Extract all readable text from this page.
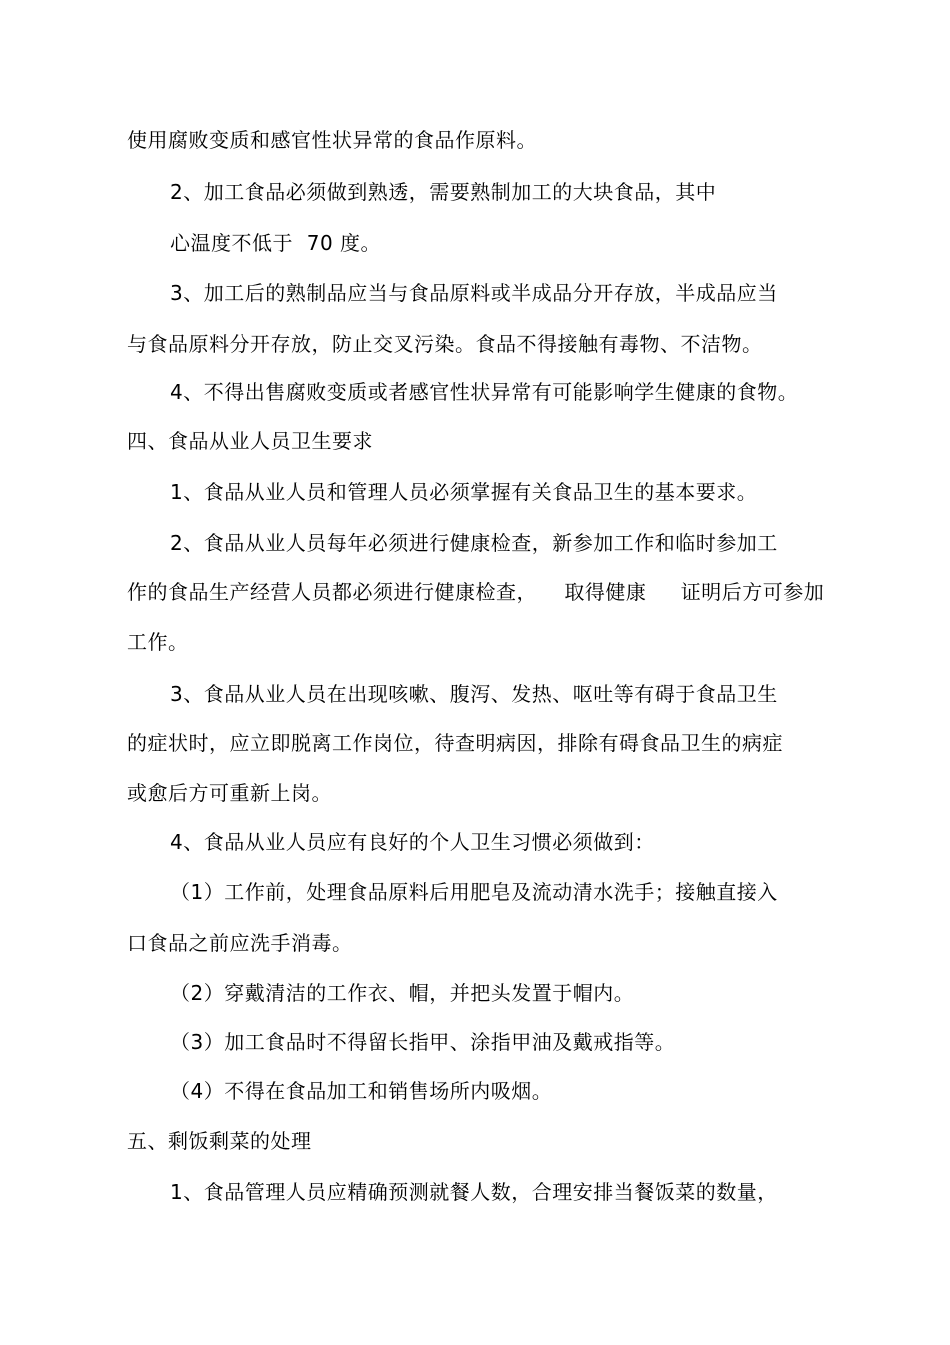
使用腐败变质和感官性状异常的食品作原料。
2、加工食品必须做到熟透，需要熟制加工的大块食品，其中
心温度不低于  70 度。
3、加工后的熟制品应当与食品原料或半成品分开存放，半成品应当
与食品原料分开存放，防止交叉污染。食品不得接触有毒物、不洁物。
4、不得出售腐败变质或者感官性状异常有可能影响学生健康的食物。
四、食品从业人员卫生要求
1、食品从业人员和管理人员必须掌握有关食品卫生的基本要求。
2、食品从业人员每年必须进行健康检查，新参加工作和临时参加工
作的食品生产经营人员都必须进行健康检查，    取得健康     证明后方可参加
工作。
3、食品从业人员在出现咳嗽、腹泻、发热、呕吐等有碍于食品卫生
的症状时，应立即脱离工作岗位，待查明病因，排除有碍食品卫生的病症
或愈后方可重新上岗。
4、食品从业人员应有良好的个人卫生习惯必须做到：
（1）工作前，处理食品原料后用肥皂及流动清水洗手；接触直接入
口食品之前应洗手消毒。
（2）穿戴清洁的工作衣、帽，并把头发置于帽内。
（3）加工食品时不得留长指甲、涂指甲油及戴戒指等。
（4）不得在食品加工和销售场所内吸烟。
五、剩饭剩菜的处理
1、食品管理人员应精确预测就餐人数，合理安排当餐饭菜的数量，
